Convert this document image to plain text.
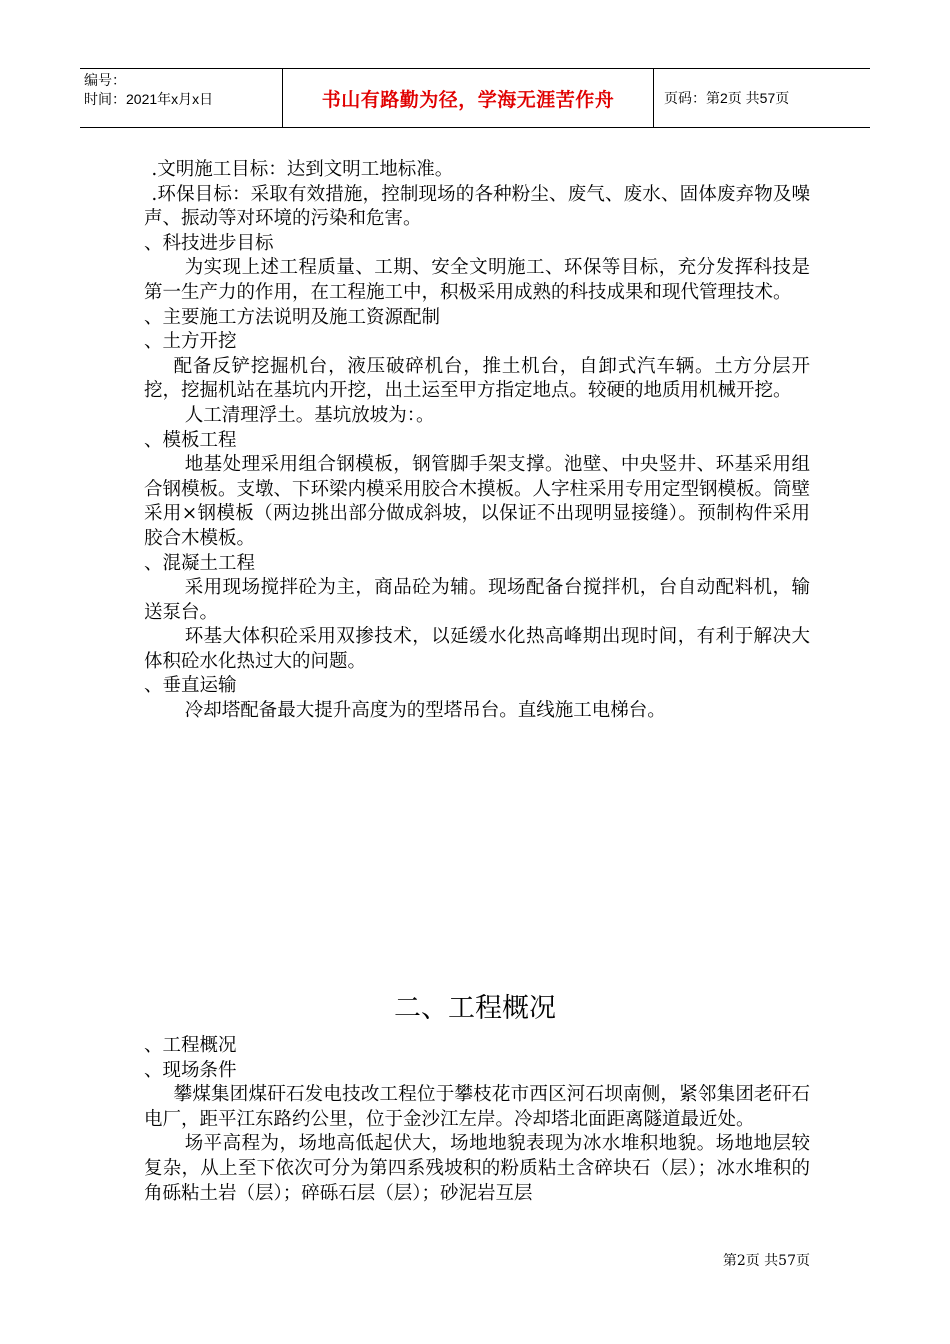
编号：
时间：2021年x月x日	书山有路勤为径，学海无涯苦作舟	页码：第2页 共57页

.文明施工目标：达到文明工地标准。

.环保目标：采取有效措施，控制现场的各种粉尘、废气、废水、固体废弃物及噪声、振动等对环境的污染和危害。

、科技进步目标

为实现上述工程质量、工期、安全文明施工、环保等目标，充分发挥科技是第一生产力的作用，在工程施工中，积极采用成熟的科技成果和现代管理技术。

、主要施工方法说明及施工资源配制

、土方开挖

配备反铲挖掘机台，液压破碎机台，推土机台，自卸式汽车辆。土方分层开挖，挖掘机站在基坑内开挖，出土运至甲方指定地点。较硬的地质用机械开挖。

人工清理浮土。基坑放坡为：。

、模板工程

地基处理采用组合钢模板，钢管脚手架支撑。池壁、中央竖井、环基采用组合钢模板。支墩、下环梁内模采用胶合木摸板。人字柱采用专用定型钢模板。筒壁采用×钢模板（两边挑出部分做成斜坡，以保证不出现明显接缝）。预制构件采用胶合木模板。

、混凝土工程

采用现场搅拌砼为主，商品砼为辅。现场配备台搅拌机，台自动配料机，输送泵台。

环基大体积砼采用双掺技术，以延缓水化热高峰期出现时间，有利于解决大体积砼水化热过大的问题。

、垂直运输

冷却塔配备最大提升高度为的型塔吊台。直线施工电梯台。

二、工程概况

、工程概况

、现场条件

攀煤集团煤矸石发电技改工程位于攀枝花市西区河石坝南侧，紧邻集团老矸石电厂，距平江东路约公里，位于金沙江左岸。冷却塔北面距离隧道最近处。

场平高程为，场地高低起伏大，场地地貌表现为冰水堆积地貌。场地地层较复杂，从上至下依次可分为第四系残坡积的粉质粘土含碎块石（层）；冰水堆积的角砾粘土岩（层）；碎砾石层（层）；砂泥岩互层

第2页 共57页
